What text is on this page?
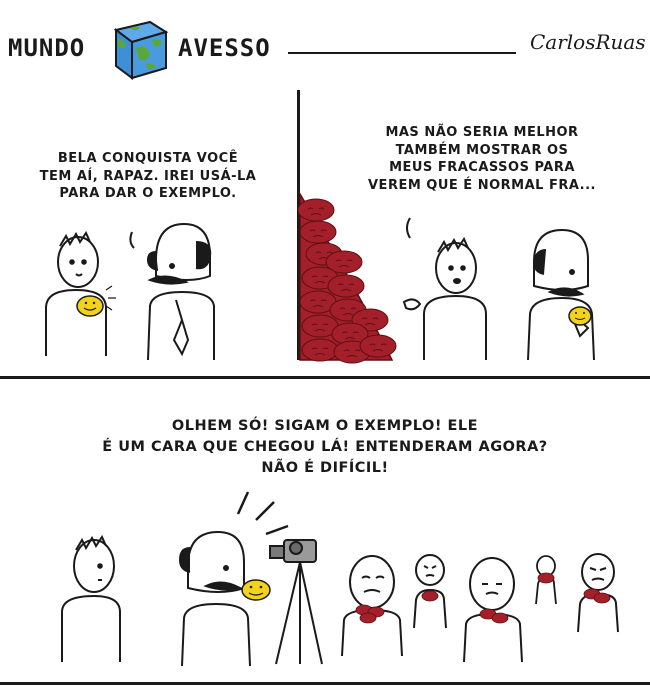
MUNDO	AVESSO	CarlosRuas
BELA CONQUISTA VOCÊ
TEM AÍ, RAPAZ. IREI USÁ-LA
PARA DAR O EXEMPLO.
MAS NÃO SERIA MELHOR
TAMBÉM MOSTRAR OS
MEUS FRACASSOS PARA
VEREM QUE É NORMAL FRA...
OLHEM SÓ! SIGAM O EXEMPLO! ELE
É UM CARA QUE CHEGOU LÁ! ENTENDERAM AGORA?
NÃO É DIFÍCIL!
